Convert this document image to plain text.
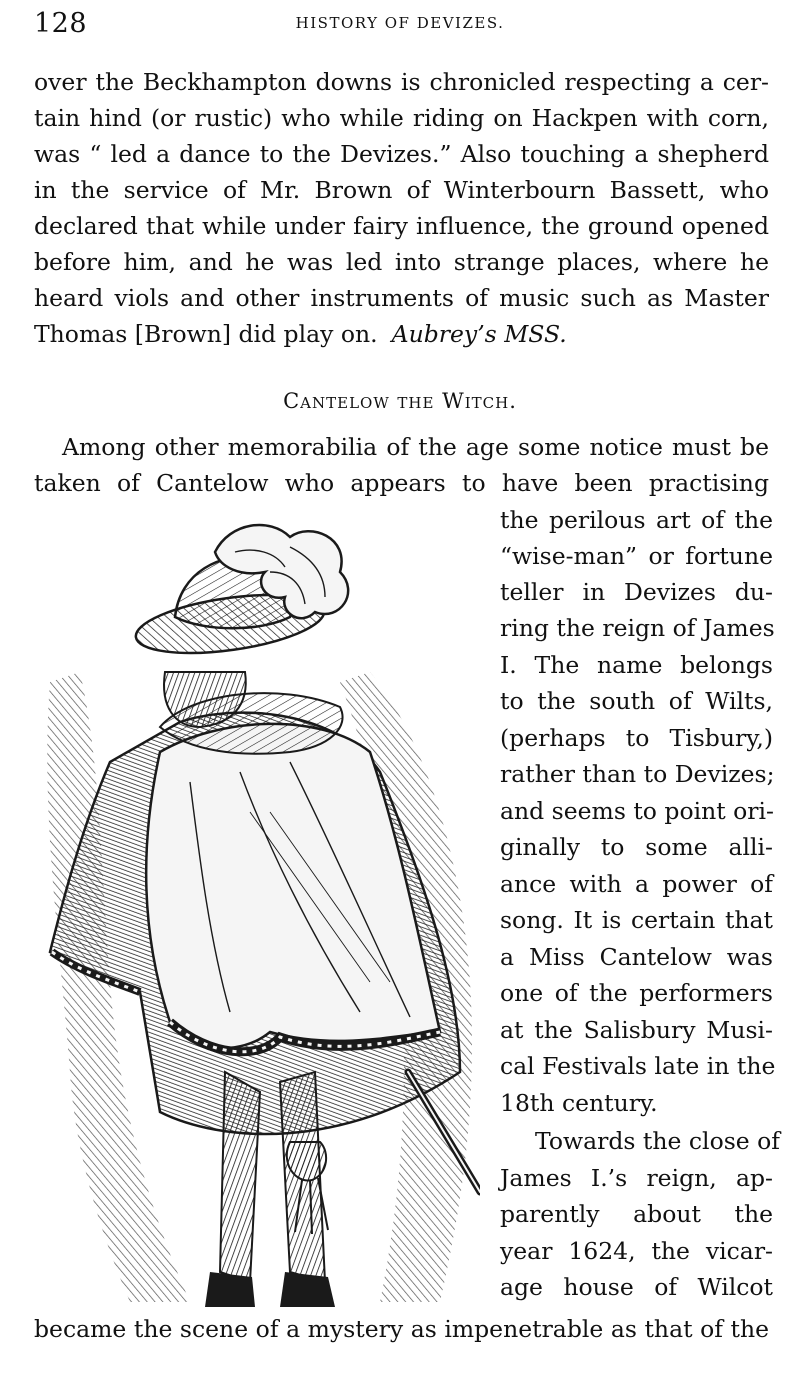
128	HISTORY OF DEVIZES.
over the Beckhampton downs is chronicled respecting a cer-
tain hind (or rustic) who while riding on Hackpen with corn,
was “ led a dance to the Devizes.” Also touching a shepherd
in the service of Mr. Brown of Winterbourn Bassett, who
declared that while under fairy influence, the ground opened
before him, and he was led into strange places, where he
heard viols and other instruments of music such as Master
Thomas [Brown] did play on. Aubrey’s MSS.
Cantelow the Witch.
Among other memorabilia of the age some notice must be
taken of Cantelow who appears to have been practising
the perilous art of the
“wise-man” or fortune
teller in Devizes du-
ring the reign of James
I. The name belongs
to the south of Wilts,
(perhaps to Tisbury,)
rather than to Devizes;
and seems to point ori-
ginally to some alli-
ance with a power of
song. It is certain that
a Miss Cantelow was
one of the performers
at the Salisbury Musi-
cal Festivals late in the
18th century.
Towards the close of
James I.’s reign, ap-
parently about the
year 1624, the vicar-
age house of Wilcot
became the scene of a mystery as impenetrable as that of the
